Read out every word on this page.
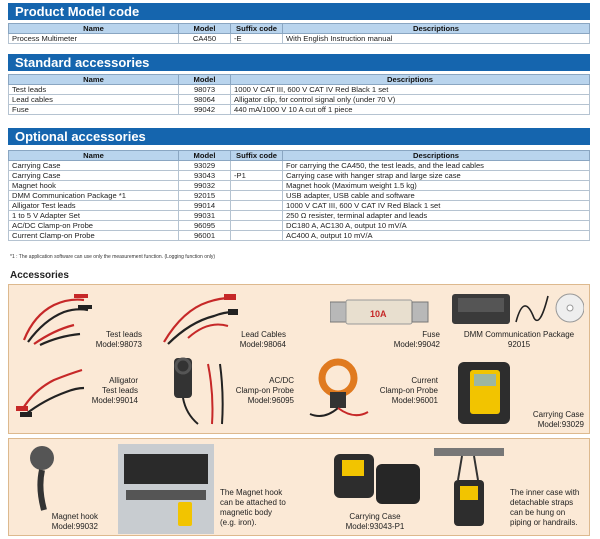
Product Model code
Name	Model	Suffix code	Descriptions
Process Multimeter	CA450	-E	With English Instruction manual
Standard accessories
Name	Model	Descriptions
Test leads	98073	1000 V CAT III, 600 V CAT IV Red Black 1 set
Lead cables	98064	Alligator clip, for control signal only (under 70 V)
Fuse	99042	440 mA/1000 V 10 A cut off 1 piece
Optional accessories
Name	Model	Suffix code	Descriptions
Carrying Case	93029		For carrying the CA450, the test leads, and the lead cables
Carrying Case	93043	-P1	Carrying case with hanger strap and large size case
Magnet hook	99032		Magnet hook (Maximum weight 1.5 kg)
DMM Communication Package *1	92015		USB adapter, USB cable and software
Alligator Test leads	99014		1000 V CAT III, 600 V CAT IV Red Black 1 set
1 to 5 V Adapter Set	99031		250 Ω resister, terminal adapter and leads
AC/DC Clamp-on Probe	96095		DC180 A, AC130 A, output 10 mV/A
Current Clamp-on Probe	96001		AC400 A, output 10 mV/A
*1 : The application software can use only the measurement function. (Logging function only)
Accessories
Test leads
Model:98073
Lead Cables
Model:98064
10A
Fuse
Model:99042
DMM Communication Package
92015
Alligator
Test leads
Model:99014
AC/DC
Clamp-on Probe
Model:96095
Current
Clamp-on Probe
Model:96001
Carrying Case
Model:93029
Magnet hook
Model:99032
The Magnet hook
can be attached to
magnetic body
(e.g. iron).
Carrying Case
Model:93043-P1
The inner case with
detachable straps
can be hung on
piping or handrails.
